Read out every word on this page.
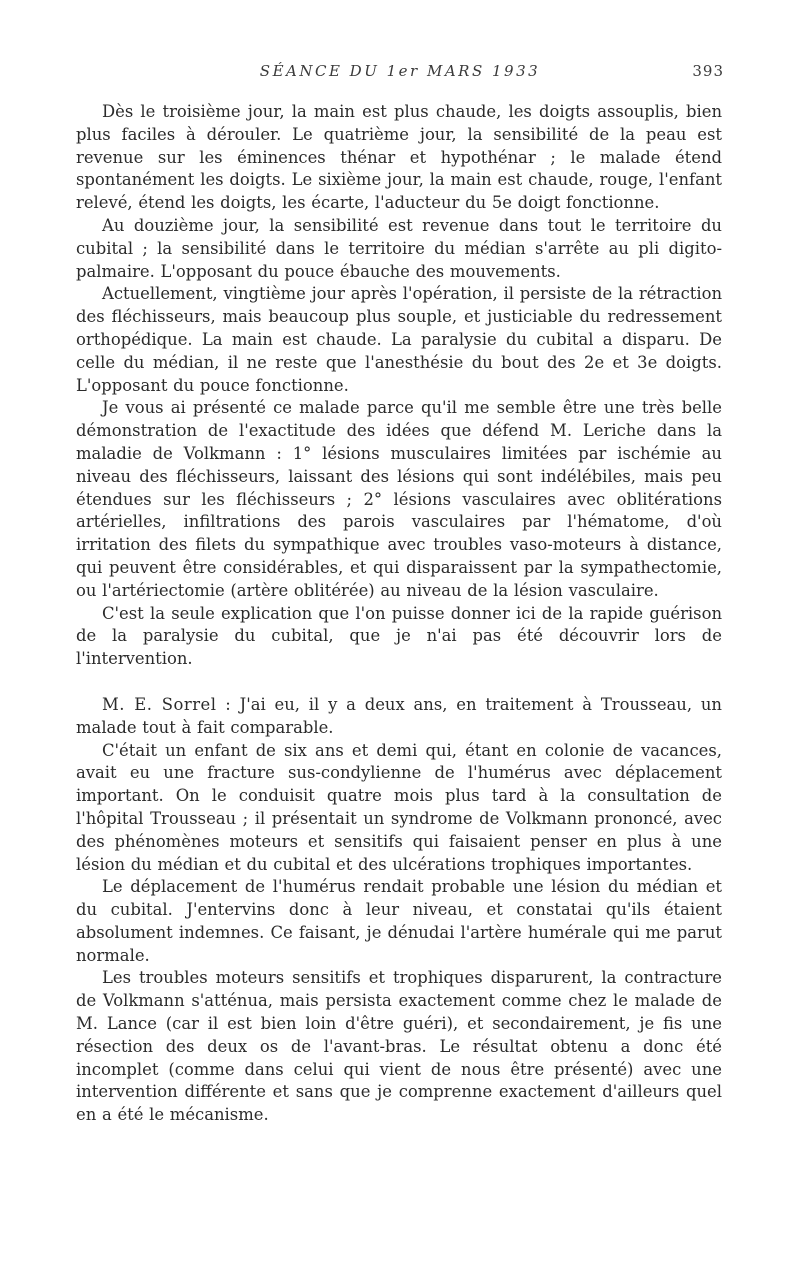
SÉANCE DU 1er MARS 1933	393

Dès le troisième jour, la main est plus chaude, les doigts assouplis, bien plus faciles à dérouler. Le quatrième jour, la sensibilité de la peau est revenue sur les éminences thénar et hypothénar ; le malade étend spontanément les doigts. Le sixième jour, la main est chaude, rouge, l'enfant relevé, étend les doigts, les écarte, l'aducteur du 5e doigt fonctionne.

Au douzième jour, la sensibilité est revenue dans tout le territoire du cubital ; la sensibilité dans le territoire du médian s'arrête au pli digito-palmaire. L'opposant du pouce ébauche des mouvements.

Actuellement, vingtième jour après l'opération, il persiste de la rétraction des fléchisseurs, mais beaucoup plus souple, et justiciable du redressement orthopédique. La main est chaude. La paralysie du cubital a disparu. De celle du médian, il ne reste que l'anesthésie du bout des 2e et 3e doigts. L'opposant du pouce fonctionne.

Je vous ai présenté ce malade parce qu'il me semble être une très belle démonstration de l'exactitude des idées que défend M. Leriche dans la maladie de Volkmann : 1° lésions musculaires limitées par ischémie au niveau des fléchisseurs, laissant des lésions qui sont indélébiles, mais peu étendues sur les fléchisseurs ; 2° lésions vasculaires avec oblitérations artérielles, infiltrations des parois vasculaires par l'hématome, d'où irritation des filets du sympathique avec troubles vaso-moteurs à distance, qui peuvent être considérables, et qui disparaissent par la sympathectomie, ou l'artériectomie (artère oblitérée) au niveau de la lésion vasculaire.

C'est la seule explication que l'on puisse donner ici de la rapide guérison de la paralysie du cubital, que je n'ai pas été découvrir lors de l'intervention.

M. E. Sorrel : J'ai eu, il y a deux ans, en traitement à Trousseau, un malade tout à fait comparable.

C'était un enfant de six ans et demi qui, étant en colonie de vacances, avait eu une fracture sus-condylienne de l'humérus avec déplacement important. On le conduisit quatre mois plus tard à la consultation de l'hôpital Trousseau ; il présentait un syndrome de Volkmann prononcé, avec des phénomènes moteurs et sensitifs qui faisaient penser en plus à une lésion du médian et du cubital et des ulcérations trophiques importantes.

Le déplacement de l'humérus rendait probable une lésion du médian et du cubital. J'entervins donc à leur niveau, et constatai qu'ils étaient absolument indemnes. Ce faisant, je dénudai l'artère humérale qui me parut normale.

Les troubles moteurs sensitifs et trophiques disparurent, la contracture de Volkmann s'atténua, mais persista exactement comme chez le malade de M. Lance (car il est bien loin d'être guéri), et secondairement, je fis une résection des deux os de l'avant-bras. Le résultat obtenu a donc été incomplet (comme dans celui qui vient de nous être présenté) avec une intervention différente et sans que je comprenne exactement d'ailleurs quel en a été le mécanisme.
